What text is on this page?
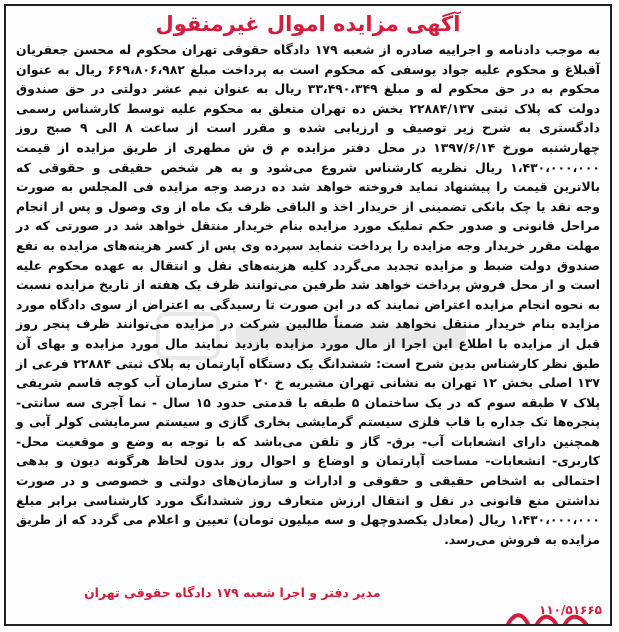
آگهی مزایده اموال غیرمنقول
به موجب دادنامه و اجراییه صادره از شعبه ۱۷۹ دادگاه حقوقی تهران محکوم له محسن جعفریان آقبلاغ و محکوم علیه جواد یوسفی که محکوم است به پرداخت مبلغ ۶۶۹،۸۰۶،۹۸۲ ریال به عنوان محکوم به در حق محکوم له و مبلغ ۳۳،۴۹۰،۳۴۹ ریال به عنوان نیم عشر دولتی در حق صندوق دولت که پلاک ثبتی ۲۲۸۸۴/۱۳۷ بخش ده تهران متعلق به محکوم علیه توسط کارشناس رسمی دادگستری به شرح زیر توصیف و ارزیابی شده و مقرر است از ساعت ۸ الی ۹ صبح روز چهارشنبه مورخ ۱۳۹۷/۶/۱۴ در محل دفتر مزایده م ق ش مطهری از طریق مزایده از قیمت ۱،۴۳۰،۰۰۰،۰۰۰ ریال نظریه کارشناس شروع می‌شود و به هر شخص حقیقی و حقوقی که بالاترین قیمت را پیشنهاد نماید فروخته خواهد شد ده درصد وجه مزایده فی المجلس به صورت وجه نقد یا چک بانکی تضمینی از خریدار اخذ و الباقی ظرف یک ماه از وی وصول و پس از انجام مراحل قانونی و صدور حکم تملیک مورد مزایده بنام خریدار منتقل خواهد شد در صورتی که در مهلت مقرر خریدار وجه مزایده را پرداخت ننماید سپرده وی پس از کسر هزینه‌های مزایده به نفع صندوق دولت ضبط و مزایده تجدید می‌گردد کلیه هزینه‌های نقل و انتقال به عهده محکوم علیه است و از محل فروش پرداخت خواهد شد طرفین می‌توانند ظرف یک هفته از تاریخ مزایده نسبت به نحوه انجام مزایده اعتراض نمایند که در این صورت تا رسیدگی به اعتراض از سوی دادگاه مورد مزایده بنام خریدار منتقل نخواهد شد ضمناً طالبین شرکت در مزایده می‌توانند ظرف پنجر روز قبل از مزایده با اطلاع این اجرا از مال مورد مزایده بازدید نمایند مال مورد مزایده و بهای آن طبق نظر کارشناس بدین شرح است: ششدانگ یک دستگاه آپارتمان به پلاک ثبتی ۲۲۸۸۴ فرعی از ۱۳۷ اصلی بخش ۱۲ تهران به نشانی تهران مشیریه خ ۲۰ متری سازمان آب کوچه قاسم شریفی پلاک ۷ طبقه سوم که در یک ساختمان ۵ طبقه با قدمتی حدود ۱۵ سال - نما آجری سه سانتی- پنجره‌ها تک جداره با قاب فلزی سیستم گرمایشی بخاری گازی و سیستم سرمایشی کولر آبی و همچنین دارای انشعابات آب- برق- گاز و تلفن می‌باشد که با توجه به وضع و موقعیت محل- کاربری- انشعابات- مساحت آپارتمان و اوضاع و احوال روز بدون لحاظ هرگونه دیون و بدهی احتمالی به اشخاص حقیقی و حقوقی و ادارات و سازمان‌های دولتی و خصوصی و در صورت نداشتن منع قانونی در نقل و انتقال ارزش متعارف روز ششدانگ مورد کارشناسی برابر مبلغ ۱،۴۳۰،۰۰۰،۰۰۰ ریال (معادل یکصدوچهل و سه میلیون تومان) تعیین و اعلام می گردد که از طریق مزایده به فروش می‌رسد.
مدیر دفتر و اجرا شعبه ۱۷۹ دادگاه حقوقی تهران
۱۱۰/۵۱۶۶۵
